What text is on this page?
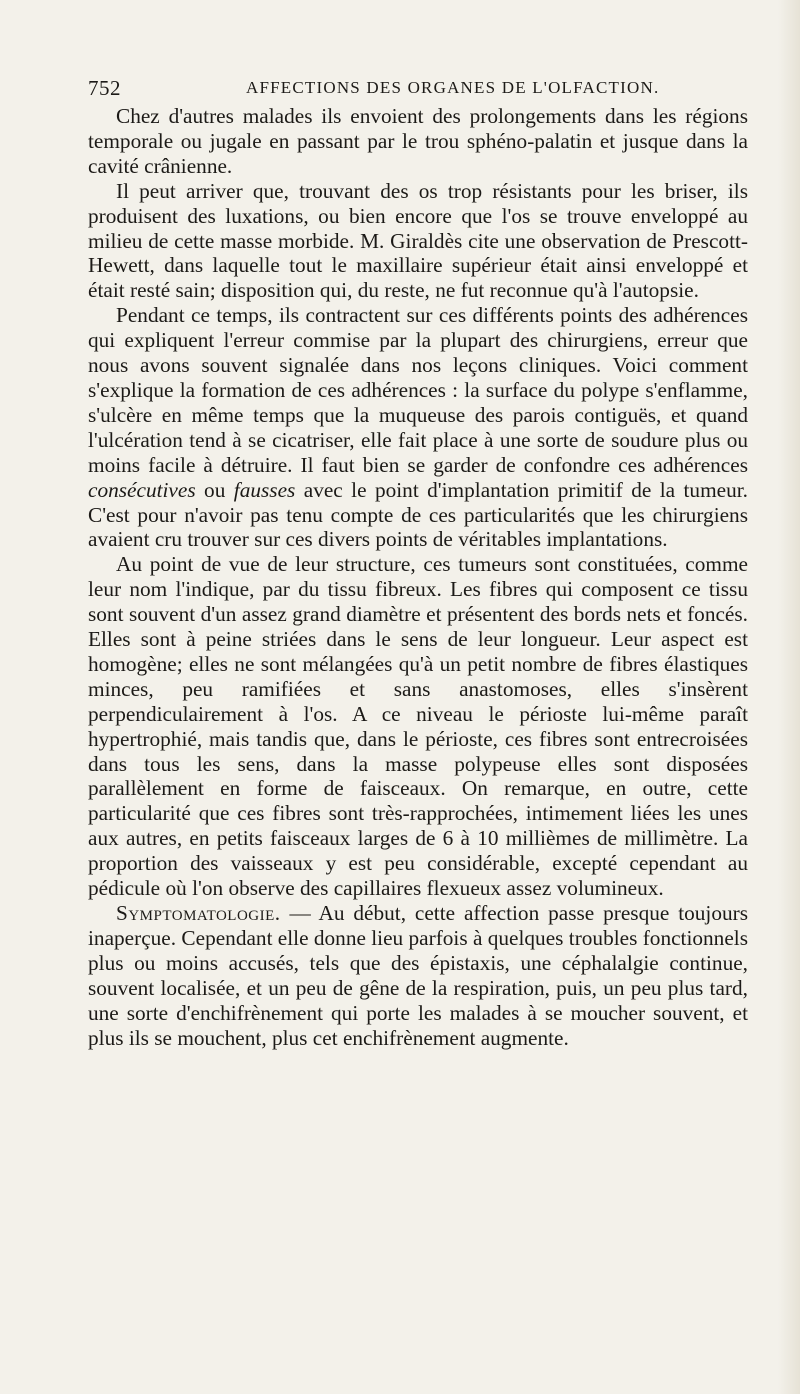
752	AFFECTIONS DES ORGANES DE L'OLFACTION.

Chez d'autres malades ils envoient des prolongements dans les régions temporale ou jugale en passant par le trou sphéno-palatin et jusque dans la cavité crânienne.

Il peut arriver que, trouvant des os trop résistants pour les briser, ils produisent des luxations, ou bien encore que l'os se trouve enveloppé au milieu de cette masse morbide. M. Giraldès cite une observation de Prescott-Hewett, dans laquelle tout le maxillaire supérieur était ainsi enveloppé et était resté sain; disposition qui, du reste, ne fut reconnue qu'à l'autopsie.

Pendant ce temps, ils contractent sur ces différents points des adhérences qui expliquent l'erreur commise par la plupart des chirurgiens, erreur que nous avons souvent signalée dans nos leçons cliniques. Voici comment s'explique la formation de ces adhérences : la surface du polype s'enflamme, s'ulcère en même temps que la muqueuse des parois contiguës, et quand l'ulcération tend à se cicatriser, elle fait place à une sorte de soudure plus ou moins facile à détruire. Il faut bien se garder de confondre ces adhérences consécutives ou fausses avec le point d'implantation primitif de la tumeur. C'est pour n'avoir pas tenu compte de ces particularités que les chirurgiens avaient cru trouver sur ces divers points de véritables implantations.

Au point de vue de leur structure, ces tumeurs sont constituées, comme leur nom l'indique, par du tissu fibreux. Les fibres qui composent ce tissu sont souvent d'un assez grand diamètre et présentent des bords nets et foncés. Elles sont à peine striées dans le sens de leur longueur. Leur aspect est homogène; elles ne sont mélangées qu'à un petit nombre de fibres élastiques minces, peu ramifiées et sans anastomoses, elles s'insèrent perpendiculairement à l'os. A ce niveau le périoste lui-même paraît hypertrophié, mais tandis que, dans le périoste, ces fibres sont entrecroisées dans tous les sens, dans la masse polypeuse elles sont disposées parallèlement en forme de faisceaux. On remarque, en outre, cette particularité que ces fibres sont très-rapprochées, intimement liées les unes aux autres, en petits faisceaux larges de 6 à 10 millièmes de millimètre. La proportion des vaisseaux y est peu considérable, excepté cependant au pédicule où l'on observe des capillaires flexueux assez volumineux.

Symptomatologie. — Au début, cette affection passe presque toujours inaperçue. Cependant elle donne lieu parfois à quelques troubles fonctionnels plus ou moins accusés, tels que des épistaxis, une céphalalgie continue, souvent localisée, et un peu de gêne de la respiration, puis, un peu plus tard, une sorte d'enchifrènement qui porte les malades à se moucher souvent, et plus ils se mouchent, plus cet enchifrènement augmente.
